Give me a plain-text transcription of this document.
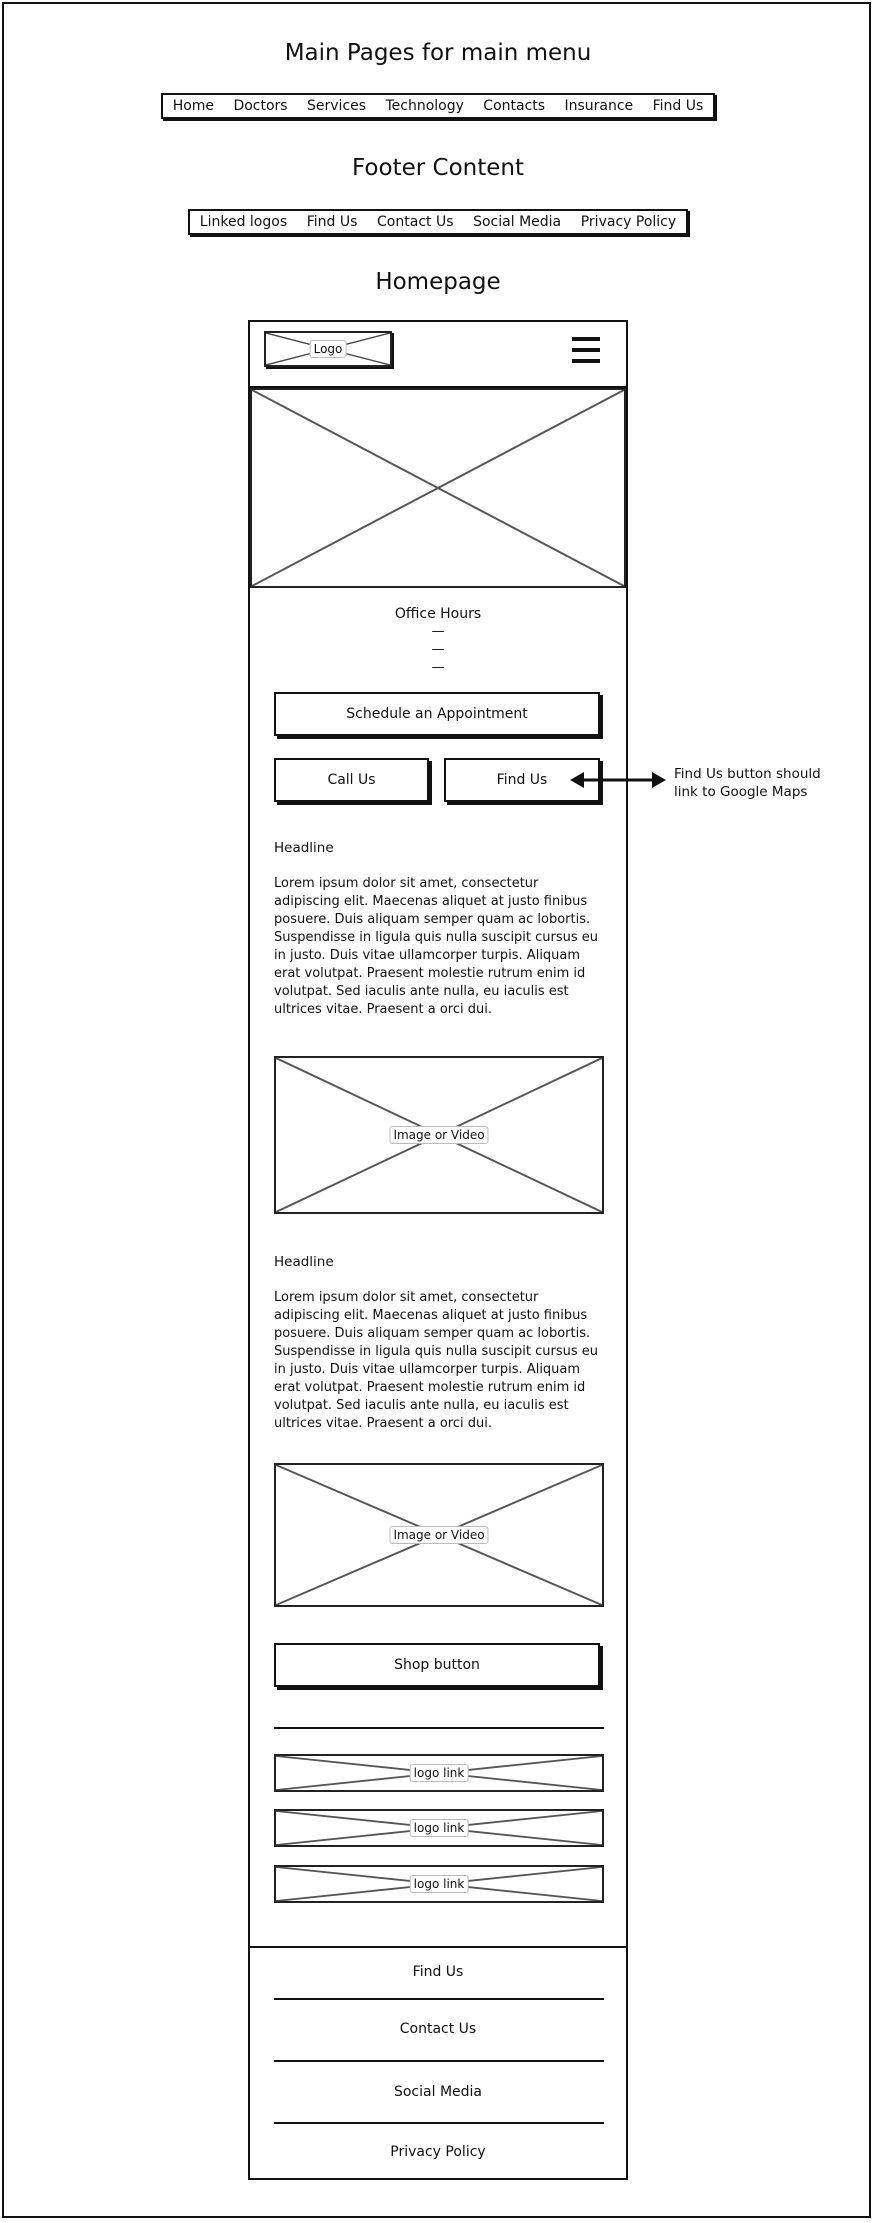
Main Pages for main menu
Home Doctors Services Technology Contacts Insurance Find Us
Footer Content
Linked logos Find Us Contact Us Social Media Privacy Policy
Homepage
Logo
Office Hours
—
—
—
Schedule an Appointment
Call Us	Find Us
Headline
Lorem ipsum dolor sit amet, consectetur adipiscing elit. Maecenas aliquet at justo finibus posuere. Duis aliquam semper quam ac lobortis. Suspendisse in ligula quis nulla suscipit cursus eu in justo. Duis vitae ullamcorper turpis. Aliquam erat volutpat. Praesent molestie rutrum enim id volutpat. Sed iaculis ante nulla, eu iaculis est ultrices vitae. Praesent a orci dui.
Image or Video
Headline
Lorem ipsum dolor sit amet, consectetur adipiscing elit. Maecenas aliquet at justo finibus posuere. Duis aliquam semper quam ac lobortis. Suspendisse in ligula quis nulla suscipit cursus eu in justo. Duis vitae ullamcorper turpis. Aliquam erat volutpat. Praesent molestie rutrum enim id volutpat. Sed iaculis ante nulla, eu iaculis est ultrices vitae. Praesent a orci dui.
Image or Video
Shop button
logo link
logo link
logo link
Find Us
Contact Us
Social Media
Privacy Policy
Find Us button should link to Google Maps
